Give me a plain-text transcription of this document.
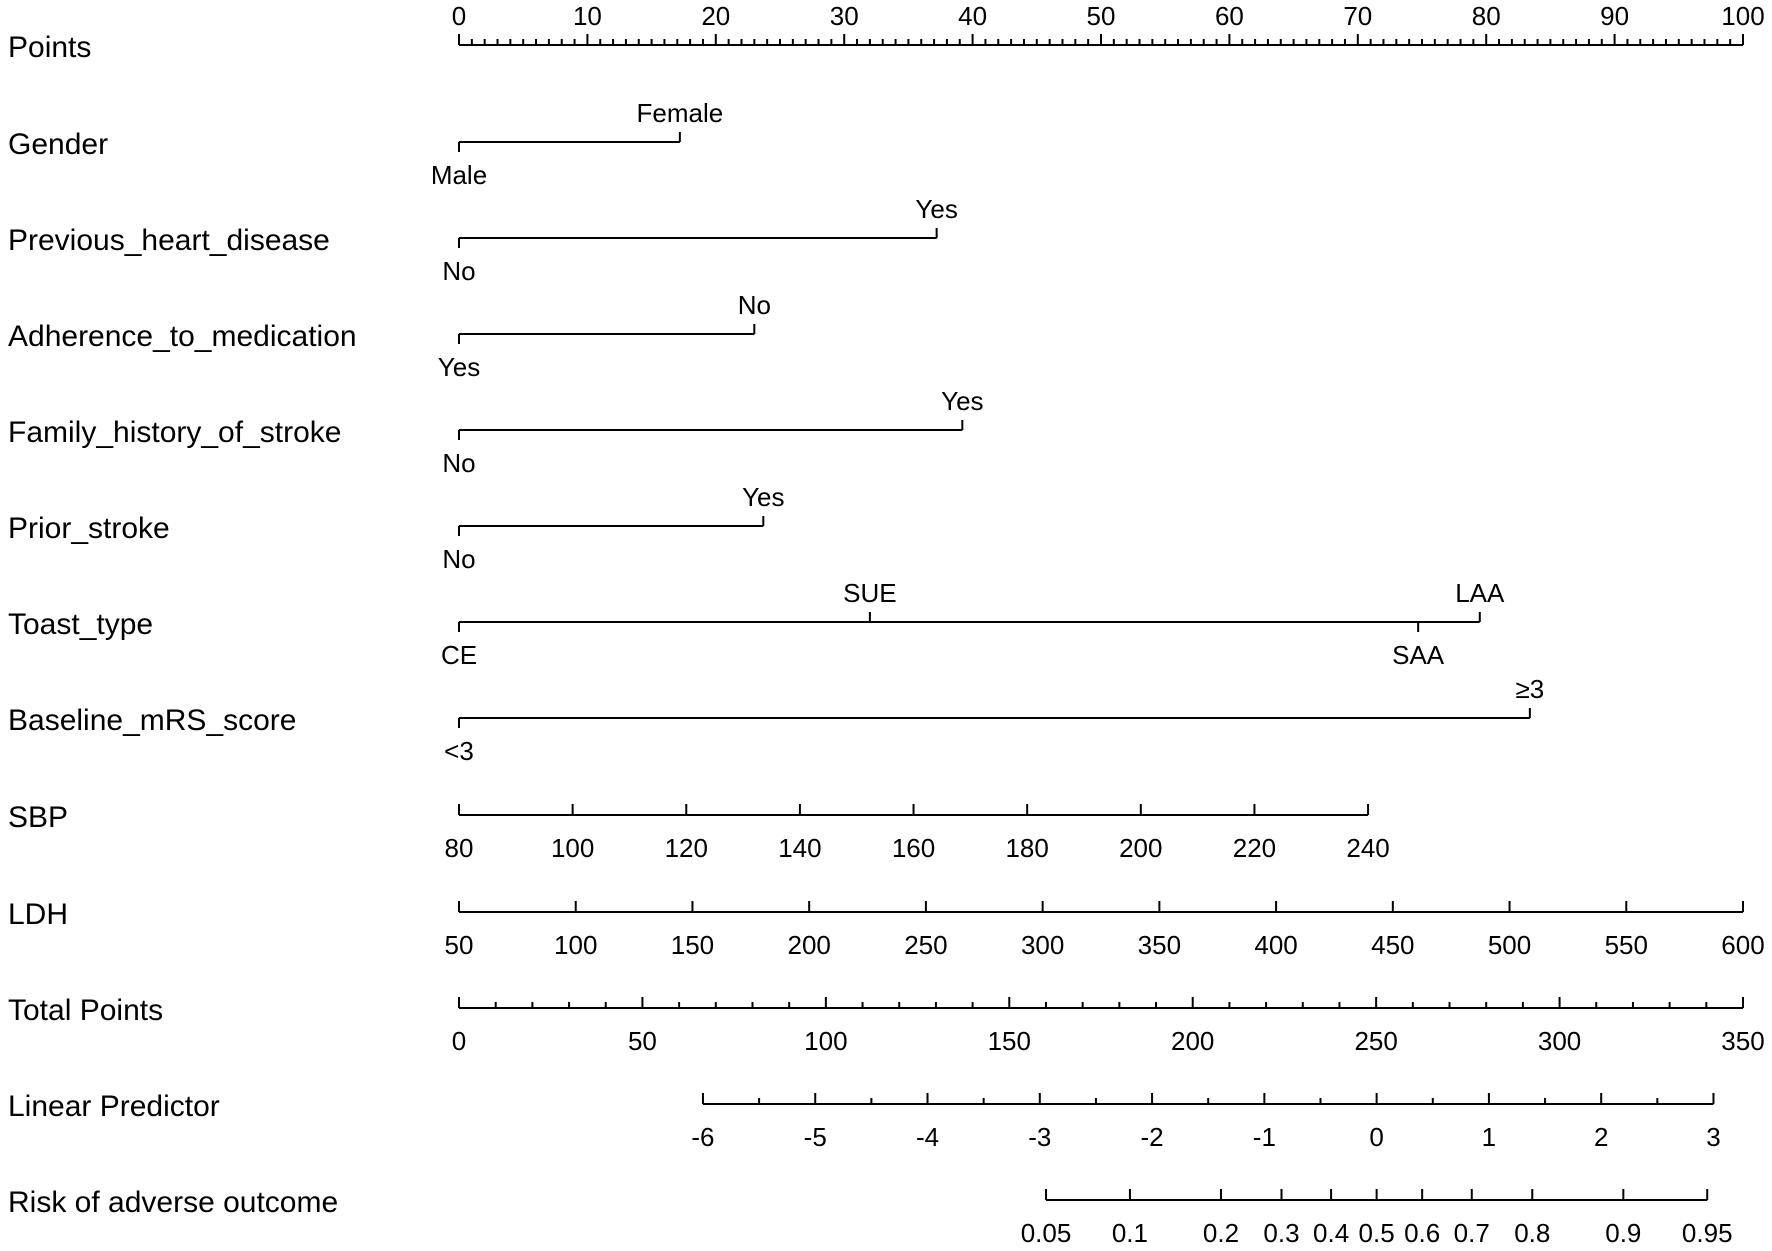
Points
0	10	20	30	40	50	60	70	80	90	100
Gender
Male
Female
Previous_heart_disease
No
Yes
Adherence_to_medication
Yes
No
Family_history_of_stroke
No
Yes
Prior_stroke
No
Yes
Toast_type
CE
SUE
SAA
LAA
Baseline_mRS_score
<3
≥3
SBP
80	100	120	140	160	180	200	220	240
LDH
50	100	150	200	250	300	350	400	450	500	550	600
Total Points
0	50	100	150	200	250	300	350
Linear Predictor
-6	-5	-4	-3	-2	-1	0	1	2	3
Risk of adverse outcome
0.05 0.1 0.2 0.3 0.4 0.5 0.6 0.7 0.8 0.9 0.95
